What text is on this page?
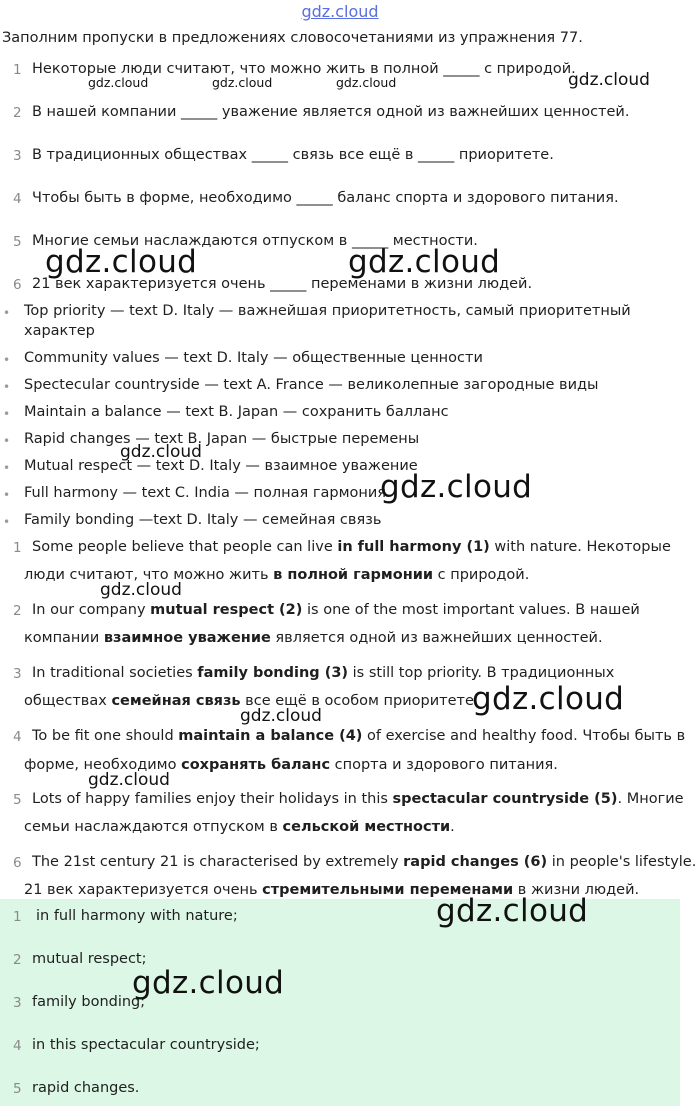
gdz.cloud
Заполним пропуски в предложениях словосочетаниями из упражнения 77.
1 Некоторые люди считают, что можно жить в полной _____ с природой.
2 В нашей компании _____ уважение является одной из важнейших ценностей.
3 В традиционных обществах _____ связь все ещё в _____ приоритете.
4 Чтобы быть в форме, необходимо _____ баланс спорта и здорового питания.
5 Многие семьи наслаждаются отпуском в _____ местности.
6 21 век характеризуется очень _____ переменами в жизни людей.
• Top priority — text D. Italy — важнейшая приоритетность, самый приоритетный
характер
• Community values — text D. Italy — общественные ценности
• Spectecular countryside — text A. France — великолепные загородные виды
• Maintain a balance — text B. Japan — сохранить балланс
• Rapid changes — text B. Japan — быстрые перемены
• Mutual respect — text D. Italy — взаимное уважение
• Full harmony — text C. India — полная гармония
• Family bonding —text D. Italy — семейная связь
1 Some people believe that people can live in full harmony (1) with nature. Некоторые
люди считают, что можно жить в полной гармонии с природой.
2 In our company mutual respect (2) is one of the most important values. В нашей
компании взаимное уважение является одной из важнейших ценностей.
3 In traditional societies family bonding (3) is still top priority. В традиционных
обществах семейная связь все ещё в особом приоритете.
4 To be fit one should maintain a balance (4) of exercise and healthy food. Чтобы быть в
форме, необходимо сохранять баланс спорта и здорового питания.
5 Lots of happy families enjoy their holidays in this spectacular countryside (5). Многие
семьи наслаждаются отпуском в сельской местности.
6 The 21st century 21 is characterised by extremely rapid changes (6) in people's lifestyle.
21 век характеризуется очень стремительными переменами в жизни людей.
1 in full harmony with nature;
2 mutual respect;
3 family bonding;
4 in this spectacular countryside;
5 rapid changes.
gdz.cloud	gdz.cloud	gdz.cloud	gdz.cloud
gdz.cloud	gdz.cloud
gdz.cloud
gdz.cloud
gdz.cloud
gdz.cloud
gdz.cloud
gdz.cloud
gdz.cloud
gdz.cloud
